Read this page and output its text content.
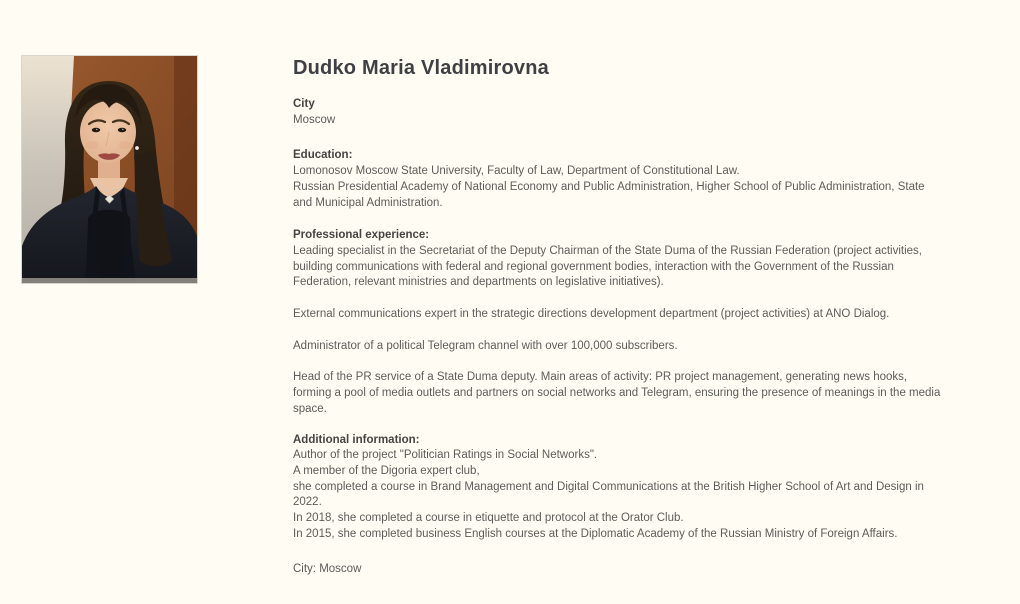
Dudko Maria Vladimirovna
City

Moscow

Education:

Lomonosov Moscow State University, Faculty of Law, Department of Constitutional Law.

Russian Presidential Academy of National Economy and Public Administration, Higher School of Public Administration, State and Municipal Administration.

Professional experience:

Leading specialist in the Secretariat of the Deputy Chairman of the State Duma of the Russian Federation (project activities, building communications with federal and regional government bodies, interaction with the Government of the Russian Federation, relevant ministries and departments on legislative initiatives).

External communications expert in the strategic directions development department (project activities) at ANO Dialog.

Administrator of a political Telegram channel with over 100,000 subscribers.

Head of the PR service of a State Duma deputy. Main areas of activity: PR project management, generating news hooks, forming a pool of media outlets and partners on social networks and Telegram, ensuring the presence of meanings in the media space.

Additional information:

Author of the project "Politician Ratings in Social Networks".

A member of the Digoria expert club,

she completed a course in Brand Management and Digital Communications at the British Higher School of Art and Design in 2022.

In 2018, she completed a course in etiquette and protocol at the Orator Club.

In 2015, she completed business English courses at the Diplomatic Academy of the Russian Ministry of Foreign Affairs.

City: Moscow
